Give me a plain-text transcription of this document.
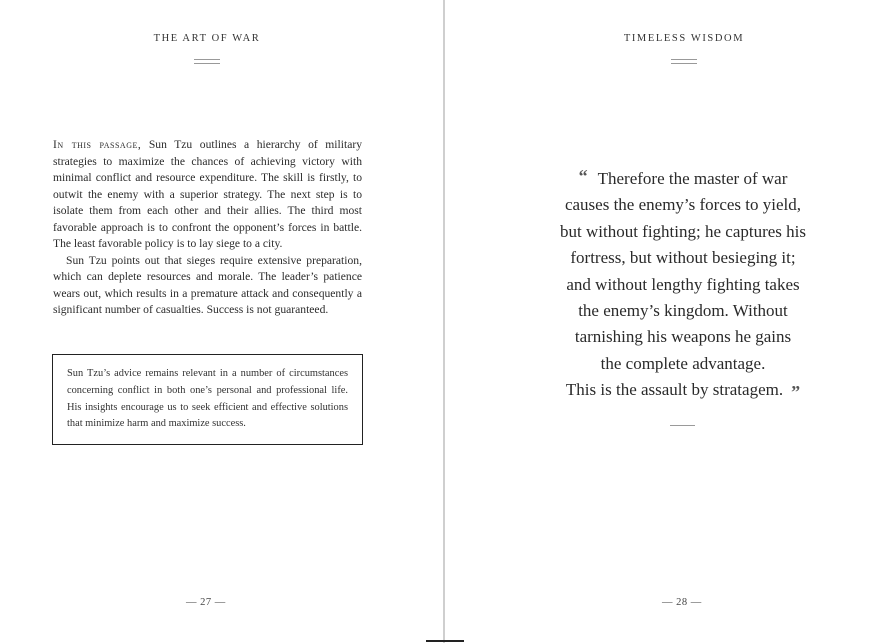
THE ART OF WAR

In this passage, Sun Tzu outlines a hierarchy of military strategies to maximize the chances of achieving victory with minimal conflict and resource expenditure. The skill is firstly, to outwit the enemy with a superior strategy. The next step is to isolate them from each other and their allies. The third most favorable approach is to confront the opponent’s forces in battle. The least favorable policy is to lay siege to a city.

Sun Tzu points out that sieges require extensive preparation, which can deplete resources and morale. The leader’s patience wears out, which results in a premature attack and consequently a significant number of casualties. Success is not guaranteed.

Sun Tzu’s advice remains relevant in a number of circumstances concerning conflict in both one’s personal and professional life. His insights encourage us to seek efficient and effective solutions that minimize harm and maximize success.
— 27 —
TIMELESS WISDOM
“ Therefore the master of war
causes the enemy’s forces to yield,
but without fighting; he captures his
fortress, but without besieging it;
and without lengthy fighting takes
the enemy’s kingdom. Without
tarnishing his weapons he gains
the complete advantage.
This is the assault by stratagem. ”
— 28 —
